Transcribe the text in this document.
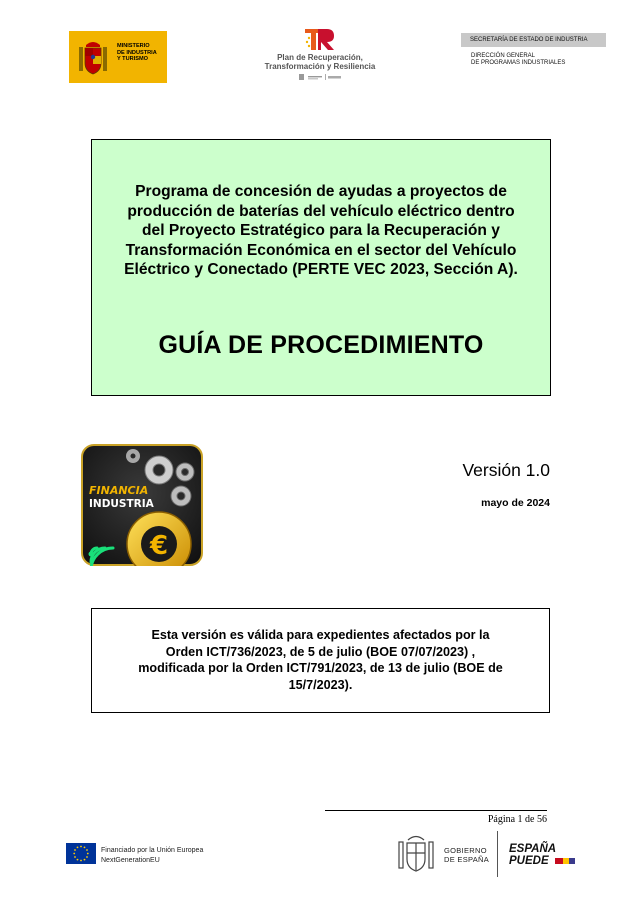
MINISTERIO
DE INDUSTRIA
Y TURISMO	Plan de Recuperación,
Transformación y Resiliencia
SECRETARÍA DE ESTADO DE INDUSTRIA
DIRECCIÓN GENERAL
DE PROGRAMAS INDUSTRIALES
Programa de concesión de ayudas a proyectos de
producción de baterías del vehículo eléctrico dentro
del Proyecto Estratégico para la Recuperación y
Transformación Económica en el sector del Vehículo
Eléctrico y Conectado (PERTE VEC 2023, Sección A).
GUÍA DE PROCEDIMIENTO
FINANCIA
INDUSTRIA
€
Versión 1.0
mayo de 2024
Esta versión es válida para expedientes afectados por la
Orden ICT/736/2023, de 5 de julio (BOE 07/07/2023) ,
modificada por la Orden ICT/791/2023, de 13 de julio (BOE de
15/7/2023).
Página 1 de 56
Financiado por la Unión Europea
NextGenerationEU
GOBIERNO
DE ESPAÑA
ESPAÑA
PUEDE
